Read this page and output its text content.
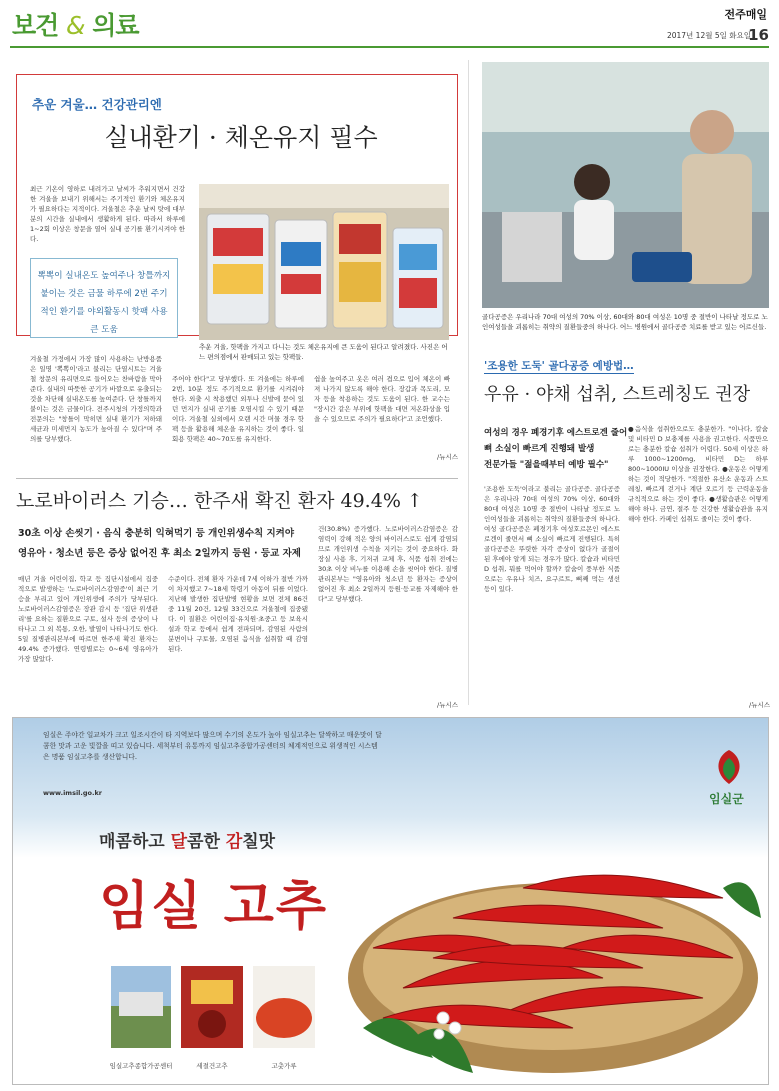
보건 & 의료	전주매일
2017년 12월 5일 화요일
16
추운 겨울… 건강관리엔
실내환기 · 체온유지 필수
최근 기온이 영하로 내려가고 날씨가 추워지면서 건강한 겨울을 보내기 위해서는 주기적인 환기와 체온유지가 필요하다는 지적이다. 겨울철은 추운 날씨 탓에 대부분의 시간을 실내에서 생활하게 된다. 따라서 하루에 1~2회 이상은 창문을 열어 실내 공기를 환기시켜야 한다.
추운 겨울, 핫팩을 가지고 다니는 것도 체온유지에 큰 도움이 된다고 알려졌다. 사진은 어느 편의점에서 판매되고 있는 핫팩들.
뽁뽁이 실내온도 높여주나 창틀까지 붙이는 것은 금물 하루에 2번 주기적인 환기를 야외활동시 핫팩 사용 큰 도움
겨울철 가정에서 가장 많이 사용하는 난방용품은 일명 '뽁뽁이'라고 불리는 단열시트는 겨울철 창문의 유리면으로 들어오는 찬바람을 막아준다. 실내의 따뜻한 공기가 바깥으로 유출되는 것을 차단해 실내온도를 높여준다. 단 창틀까지 붙이는 것은 금물이다. 전주시청의 가정의학과 전문의는 "창틀이 막히면 실내 환기가 저하돼 세균과 미세먼지 농도가 높아질 수 있다"며 주의를 당부했다.
주어야 한다"고 당부했다. 또 겨울에는 하루에 2번, 10분 정도 주기적으로 환기를 시켜줘야 한다. 외출 시 착용했던 외투나 신발에 묻어 있던 먼지가 실내 공기를 오염시킬 수 있기 때문이다. 겨울철 실외에서 오랜 시간 머물 경우 핫팩 등을 활용해 체온을 유지하는 것이 좋다. 일회용 핫팩은 40~70도를 유지한다.
쉽을 높여주고 옷은 여러 겹으로 입어 체온이 빠져 나가지 않도록 해야 한다. 장갑과 목도리, 모자 등을 착용하는 것도 도움이 된다. 한 교수는 "장시간 같은 부위에 핫팩을 대면 저온화상을 입을 수 있으므로 주의가 필요하다"고 조언했다.
/뉴시스
노로바이러스 기승… 한주새 확진 환자 49.4% ↑
30초 이상 손씻기 · 음식 충분히 익혀먹기 등 개인위생수칙 지켜야
영유아 · 청소년 등은 증상 없어진 후 최소 2일까지 등원 · 등교 자제
매년 겨울 어린이집, 학교 등 집단시설에서 집중적으로 발생하는 '노로바이러스감염증'이 최근 기승을 부리고 있어 개인위생에 주의가 당부된다. 노로바이러스감염증은 장관 감시 등 '집단 위생관리'를 요하는 질환으로 구토, 설사 등의 증상이 나타나고 그 외 복통, 오한, 발열이 나타나기도 한다. 5일 질병관리본부에 따르면 한주새 확진 환자는 49.4% 증가했다. 연령별로는 0~6세 영유아가 가장 많았다.
수준이다. 전체 환자 가운데 7세 이하가 절반 가까이 차지했고 7~18세 학령기 아동이 뒤를 이었다. 지난해 발생한 집단발병 현황을 보면 전체 86건 중 11월 20건, 12월 33건으로 겨울철에 집중됐다. 이 질환은 어린이집·유치원·초중고 등 보육시설과 학교 등에서 쉽게 전파되며, 감염된 사람의 분변이나 구토물, 오염된 음식을 섭취할 때 감염된다.
건(30.8%) 증가했다. 노로바이러스감염증은 감염력이 강해 적은 양의 바이러스로도 쉽게 감염되므로 개인위생 수칙을 지키는 것이 중요하다. 화장실 사용 후, 기저귀 교체 후, 식품 섭취 전에는 30초 이상 비누를 이용해 손을 씻어야 한다. 질병관리본부는 "영유아와 청소년 등 환자는 증상이 없어진 후 최소 2일까지 등원·등교를 자제해야 한다"고 당부했다.
/뉴시스
골다공증은 우리나라 70대 여성의 70% 이상, 60대와 80대 여성은 10명 중 절반이 나타날 정도로 노인여성들을 괴롭히는 취약의 질환들중의 하나다. 어느 병원에서 골다공증 치료를 받고 있는 어르신들.
'조용한 도둑' 골다공증 예방법…
우유 · 야채 섭취, 스트레칭도 권장
여성의 경우 폐경기후 에스트로겐 줄어
뼈 소실이 빠르게 진행돼 발생
전문가들 "젊을때부터 예방 필수"
'조용한 도둑'이라고 불리는 골다공증. 골다공증은 우리나라 70대 여성의 70% 이상, 60대와 80대 여성은 10명 중 절반이 나타날 정도로 노인여성들을 괴롭히는 취약의 질환들중의 하나다. 여성 골다공증은 폐경기후 여성호르몬인 에스트로겐이 줄면서 뼈 소실이 빠르게 진행된다. 특히 골다공증은 뚜렷한 자각 증상이 없다가 골절이 된 후에야 알게 되는 경우가 많다. 칼슘과 비타민 D 섭취, 뭐를 먹어야 할까? 칼슘이 풍부한 식품으로는 우유나 치즈, 요구르트, 뼈째 먹는 생선 등이 있다.
●음식을 섭취한으로도 충분한가. "이나다, 칼슘 및 비타민 D 보충제를 사용을 권고한다. 식품만으로는 충분한 칼슘 섭취가 어렵다. 50세 이상은 하루 1000~1200mg, 비타민 D는 하루 800~1000IU 이상을 권장한다. ●운동은 어떻게 하는 것이 적당한가. "적절한 유산소 운동과 스트레칭, 빠르게 걷거나 계단 오르기 등 근력운동을 규칙적으로 하는 것이 좋다. ●생활습관은 어떻게 해야 하나. 금연, 절주 등 건강한 생활습관을 유지해야 한다. 카페인 섭취도 줄이는 것이 좋다.
/뉴시스
임실은 주야간 일교차가 크고 일조시간이 타 지역보다 많으며 수기의 온도가 높아 임실고추는 달싹하고 매운맛이 달콤한 맛과 고운 빛깔을 띠고 있습니다. 세척부터 유통까지 임실고추종합가공센터의 체계적인으로 위생적인 시스템은 명품 임실고추를 생산합니다.
www.imsil.go.kr	임실군
매콤하고 달콤한 감칠맛
임실 고추
임실고추종합가공센터	세절건고추	고춧가루
